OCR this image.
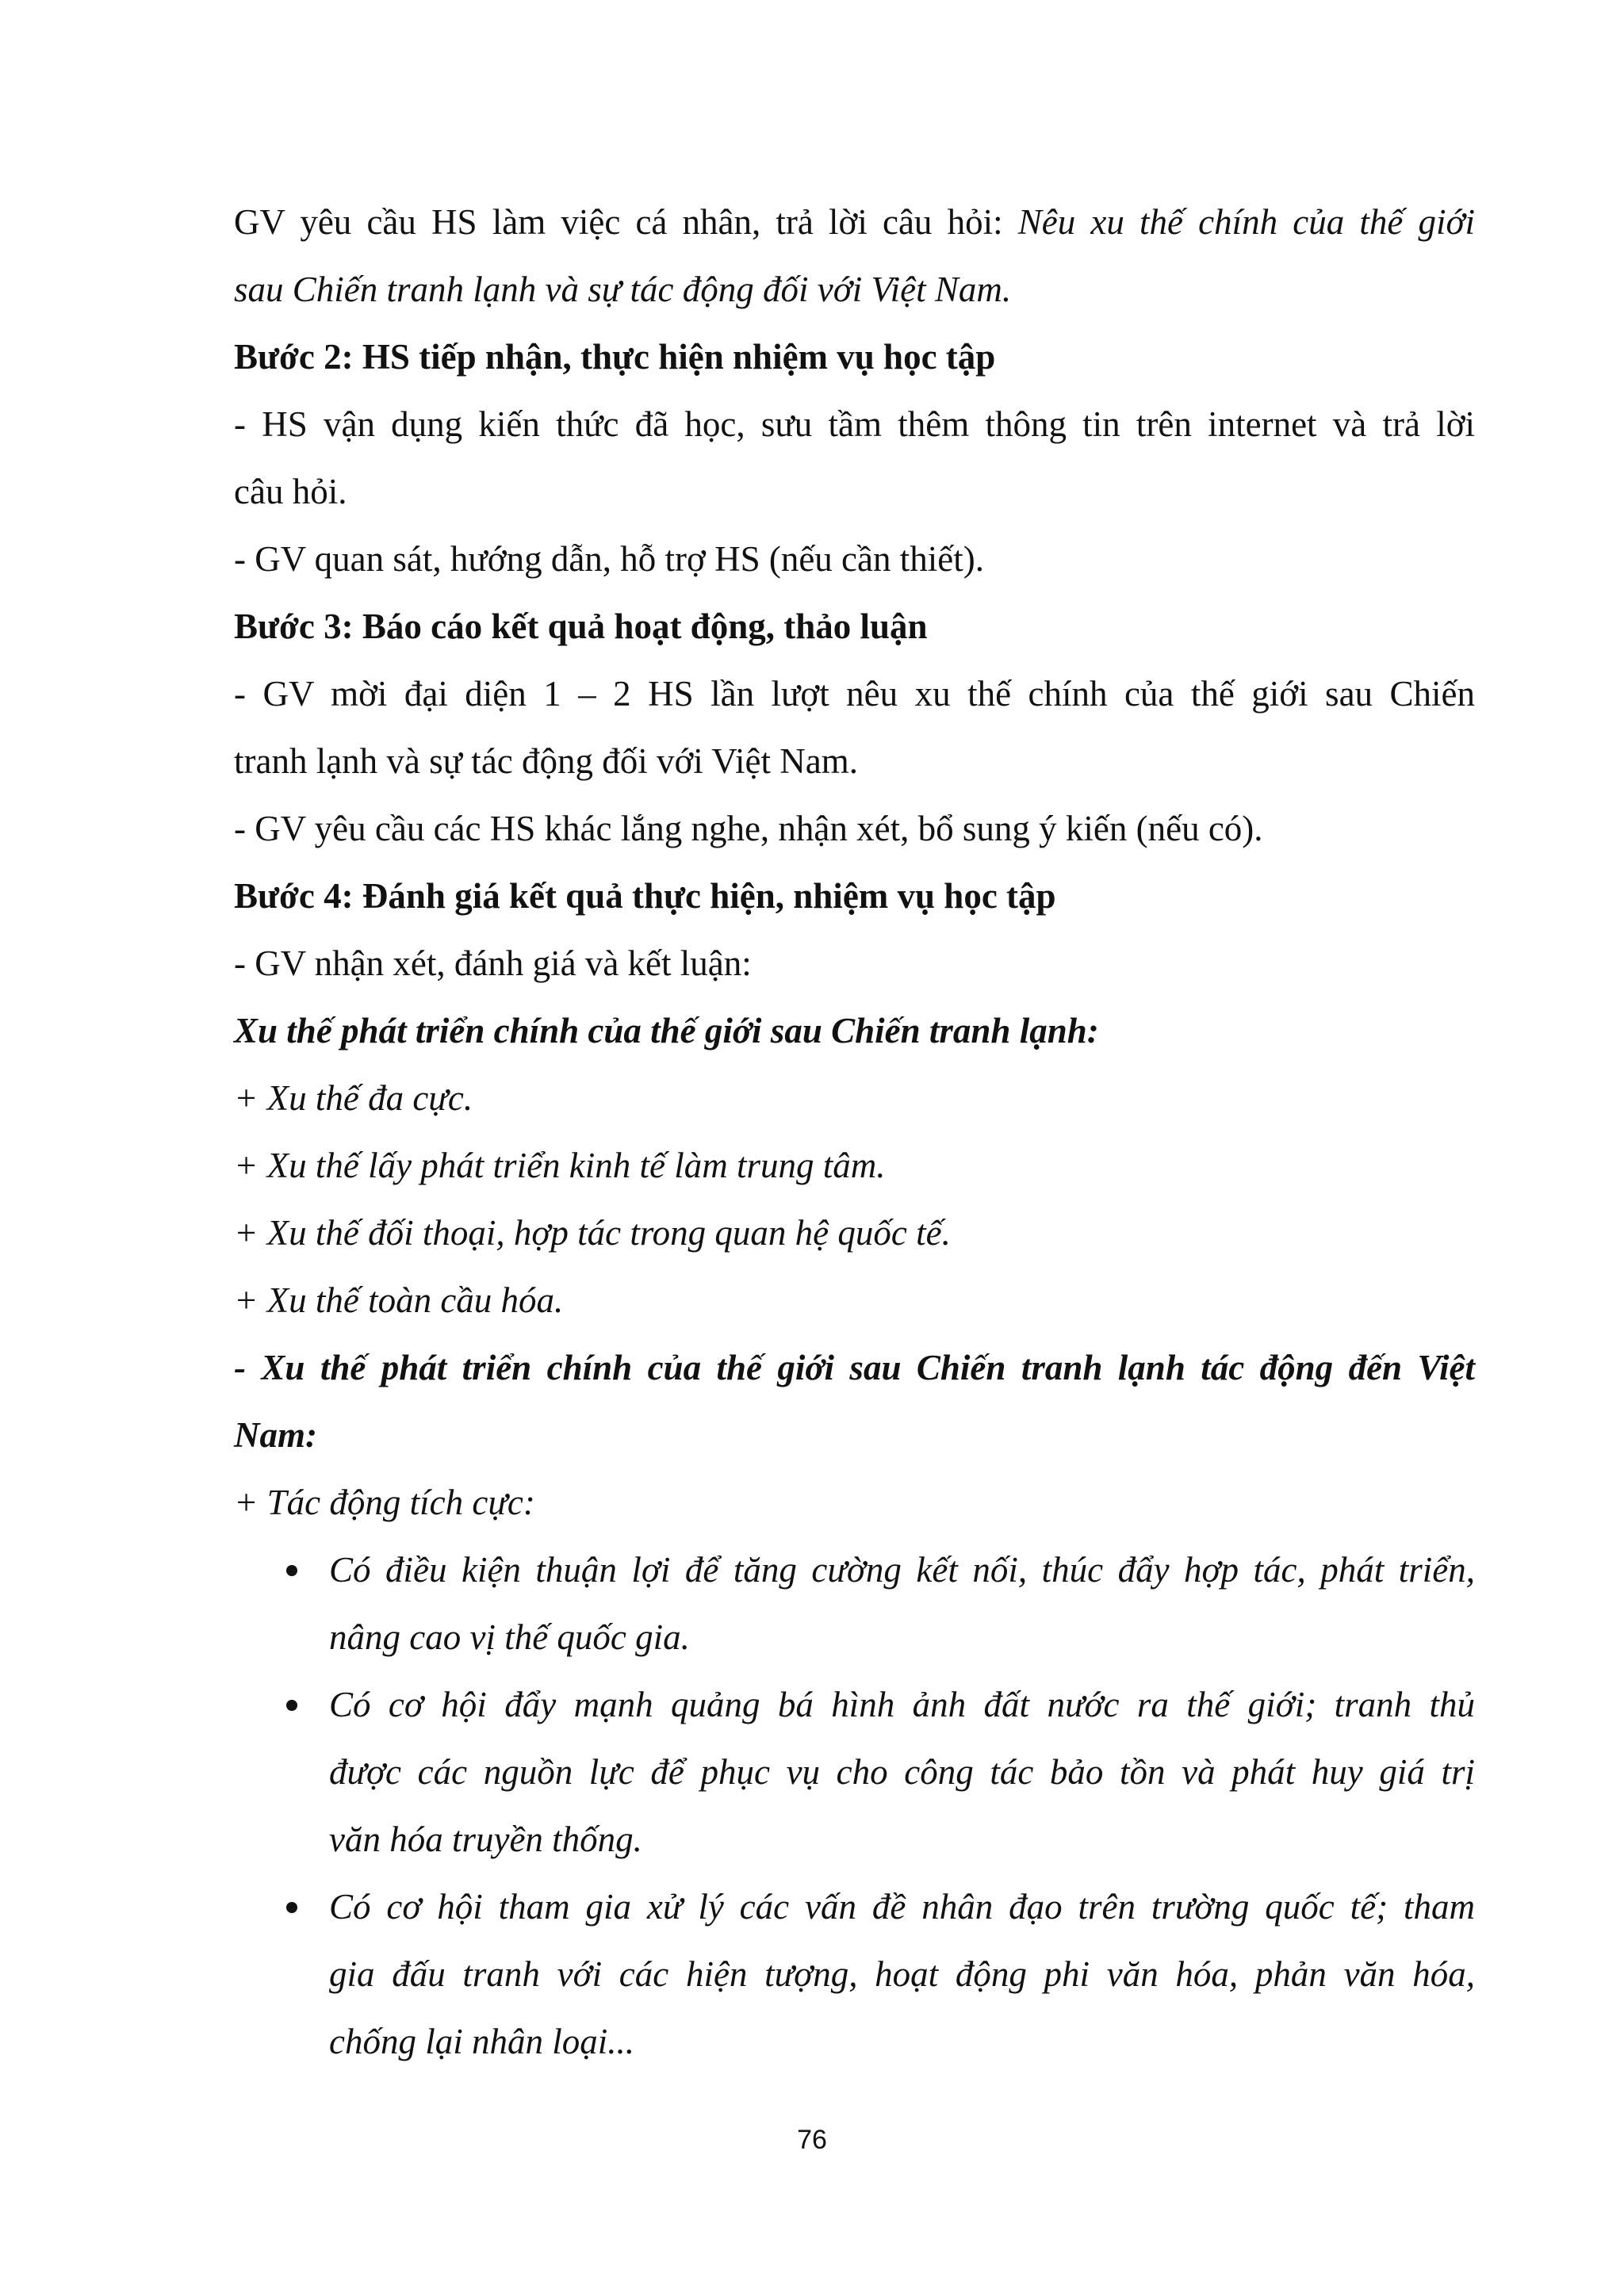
GV yêu cầu HS làm việc cá nhân, trả lời câu hỏi: Nêu xu thế chính của thế giới
sau Chiến tranh lạnh và sự tác động đối với Việt Nam.
Bước 2: HS tiếp nhận, thực hiện nhiệm vụ học tập
- HS vận dụng kiến thức đã học, sưu tầm thêm thông tin trên internet và trả lời
câu hỏi.
- GV quan sát, hướng dẫn, hỗ trợ HS (nếu cần thiết).
Bước 3: Báo cáo kết quả hoạt động, thảo luận
- GV mời đại diện 1 – 2 HS lần lượt nêu xu thế chính của thế giới sau Chiến
tranh lạnh và sự tác động đối với Việt Nam.
- GV yêu cầu các HS khác lắng nghe, nhận xét, bổ sung ý kiến (nếu có).
Bước 4: Đánh giá kết quả thực hiện, nhiệm vụ học tập
- GV nhận xét, đánh giá và kết luận:
Xu thế phát triển chính của thế giới sau Chiến tranh lạnh:
+ Xu thế đa cực.
+ Xu thế lấy phát triển kinh tế làm trung tâm.
+ Xu thế đối thoại, hợp tác trong quan hệ quốc tế.
+ Xu thế toàn cầu hóa.
- Xu thế phát triển chính của thế giới sau Chiến tranh lạnh tác động đến Việt
Nam:
+ Tác động tích cực:
Có điều kiện thuận lợi để tăng cường kết nối, thúc đẩy hợp tác, phát triển,
nâng cao vị thế quốc gia.
Có cơ hội đẩy mạnh quảng bá hình ảnh đất nước ra thế giới; tranh thủ
được các nguồn lực để phục vụ cho công tác bảo tồn và phát huy giá trị
văn hóa truyền thống.
Có cơ hội tham gia xử lý các vấn đề nhân đạo trên trường quốc tế; tham
gia đấu tranh với các hiện tượng, hoạt động phi văn hóa, phản văn hóa,
chống lại nhân loại...
76
